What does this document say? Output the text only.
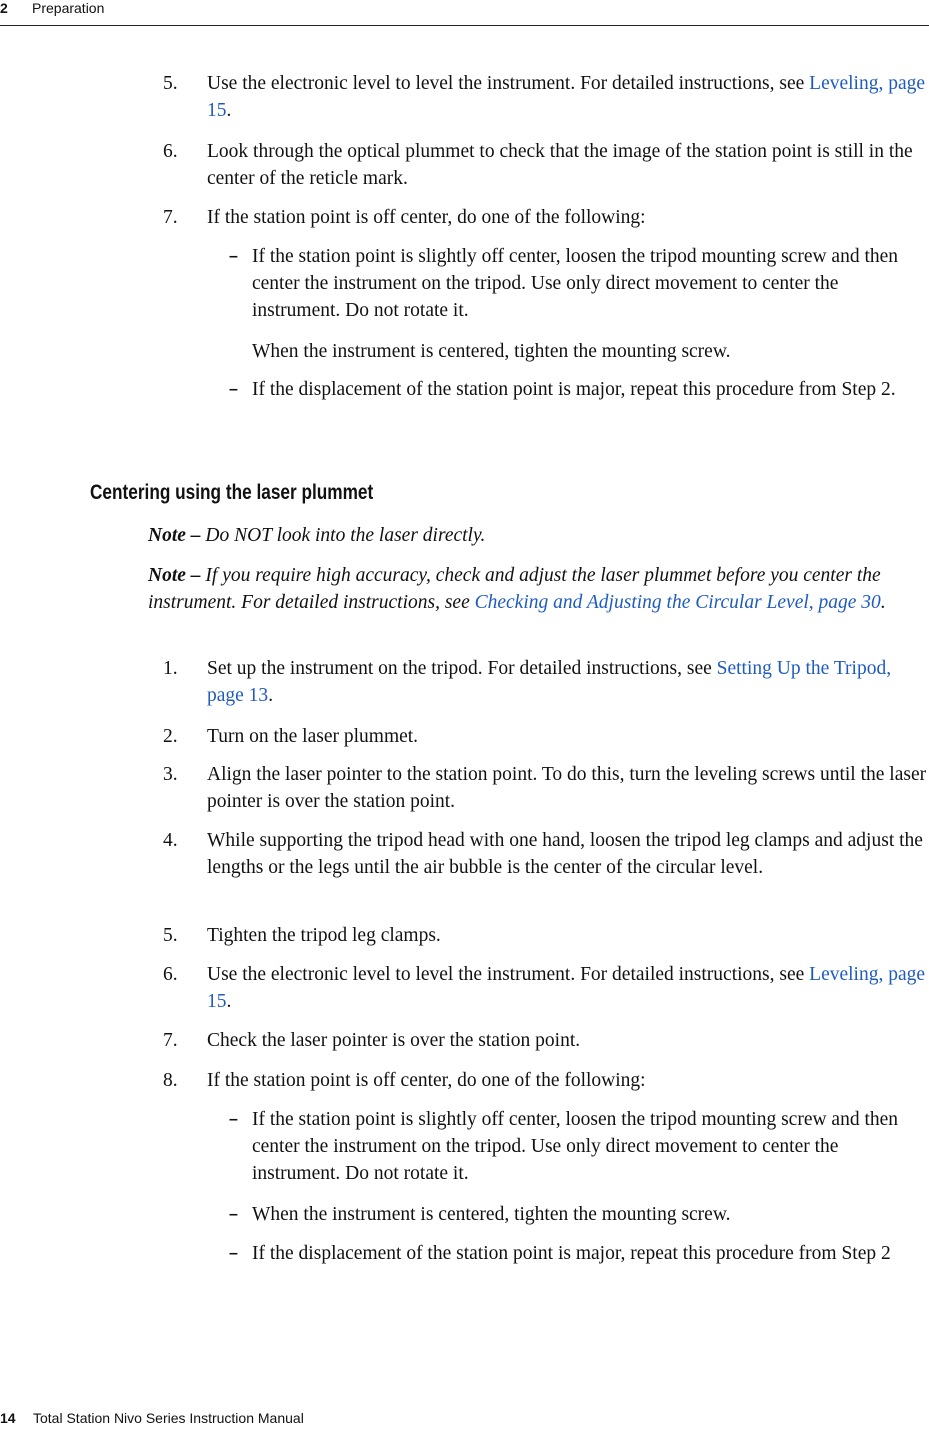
2 Preparation
5.	Use the electronic level to level the instrument. For detailed instructions, see Leveling, page 15.
6.	Look through the optical plummet to check that the image of the station point is still in the center of the reticle mark.
7.	If the station point is off center, do one of the following:
– If the station point is slightly off center, loosen the tripod mounting screw and then center the instrument on the tripod. Use only direct movement to center the instrument. Do not rotate it.
When the instrument is centered, tighten the mounting screw.
– If the displacement of the station point is major, repeat this procedure from Step 2.
Centering using the laser plummet
Note – Do NOT look into the laser directly.
Note – If you require high accuracy, check and adjust the laser plummet before you center the instrument. For detailed instructions, see Checking and Adjusting the Circular Level, page 30.
1.	Set up the instrument on the tripod. For detailed instructions, see Setting Up the Tripod, page 13.
2.	Turn on the laser plummet.
3.	Align the laser pointer to the station point. To do this, turn the leveling screws until the laser pointer is over the station point.
4.	While supporting the tripod head with one hand, loosen the tripod leg clamps and adjust the lengths or the legs until the air bubble is the center of the circular level.
5.	Tighten the tripod leg clamps.
6.	Use the electronic level to level the instrument. For detailed instructions, see Leveling, page 15.
7.	Check the laser pointer is over the station point.
8.	If the station point is off center, do one of the following:
– If the station point is slightly off center, loosen the tripod mounting screw and then center the instrument on the tripod. Use only direct movement to center the instrument. Do not rotate it.
– When the instrument is centered, tighten the mounting screw.
– If the displacement of the station point is major, repeat this procedure from Step 2
14 Total Station Nivo Series Instruction Manual
